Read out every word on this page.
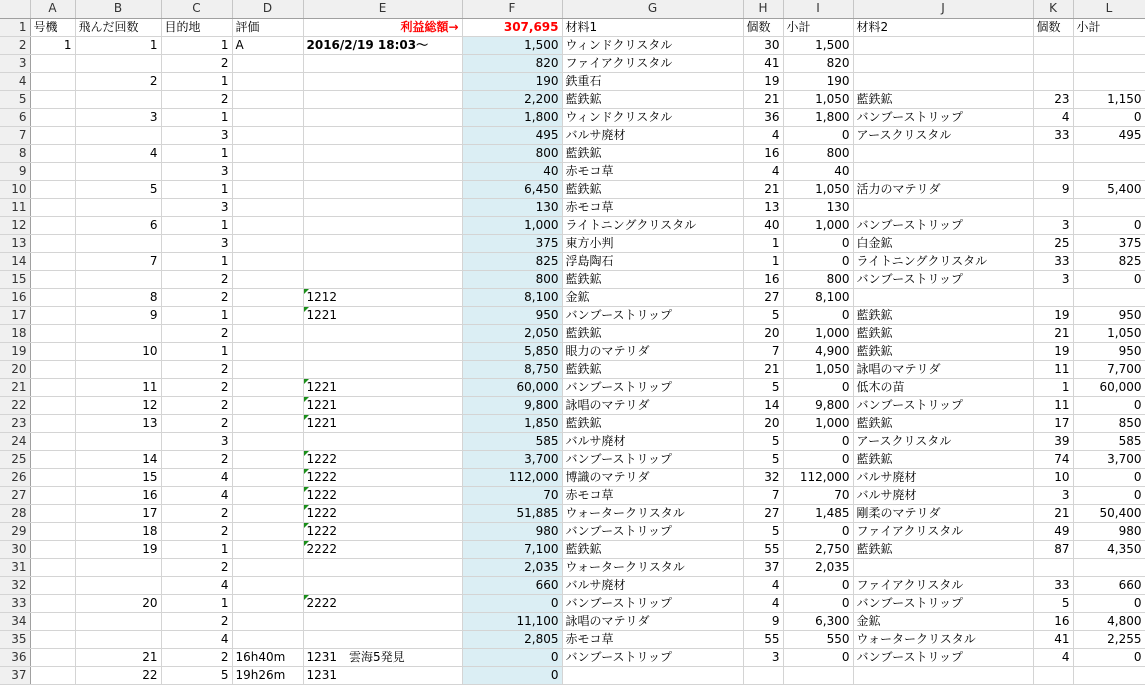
	A	B	C	D	E	F	G	H	I	J	K	L
1	号機	飛んだ回数	目的地	評価	利益総額→	307,695	材料1	個数	小計	材料2	個数	小計
2	1	1	1	A	2016/2/19 18:03～	1,500	ウィンドクリスタル	30	1,500			
3			2			820	ファイアクリスタル	41	820			
4		2	1			190	鉄重石	19	190			
5			2			2,200	藍鉄鉱	21	1,050	藍鉄鉱	23	1,150
6		3	1			1,800	ウィンドクリスタル	36	1,800	バンブーストリップ	4	0
7			3			495	バルサ廃材	4	0	アースクリスタル	33	495
8		4	1			800	藍鉄鉱	16	800			
9			3			40	赤モコ草	4	40			
10		5	1			6,450	藍鉄鉱	21	1,050	活力のマテリダ	9	5,400
11			3			130	赤モコ草	13	130			
12		6	1			1,000	ライトニングクリスタル	40	1,000	バンブーストリップ	3	0
13			3			375	東方小判	1	0	白金鉱	25	375
14		7	1			825	浮島陶石	1	0	ライトニングクリスタル	33	825
15			2			800	藍鉄鉱	16	800	バンブーストリップ	3	0
16		8	2		1212	8,100	金鉱	27	8,100			
17		9	1		1221	950	バンブーストリップ	5	0	藍鉄鉱	19	950
18			2			2,050	藍鉄鉱	20	1,000	藍鉄鉱	21	1,050
19		10	1			5,850	眼力のマテリダ	7	4,900	藍鉄鉱	19	950
20			2			8,750	藍鉄鉱	21	1,050	詠唱のマテリダ	11	7,700
21		11	2		1221	60,000	バンブーストリップ	5	0	低木の苗	1	60,000
22		12	2		1221	9,800	詠唱のマテリダ	14	9,800	バンブーストリップ	11	0
23		13	2		1221	1,850	藍鉄鉱	20	1,000	藍鉄鉱	17	850
24			3			585	バルサ廃材	5	0	アースクリスタル	39	585
25		14	2		1222	3,700	バンブーストリップ	5	0	藍鉄鉱	74	3,700
26		15	4		1222	112,000	博識のマテリダ	32	112,000	バルサ廃材	10	0
27		16	4		1222	70	赤モコ草	7	70	バルサ廃材	3	0
28		17	2		1222	51,885	ウォータークリスタル	27	1,485	剛柔のマテリダ	21	50,400
29		18	2		1222	980	バンブーストリップ	5	0	ファイアクリスタル	49	980
30		19	1		2222	7,100	藍鉄鉱	55	2,750	藍鉄鉱	87	4,350
31			2			2,035	ウォータークリスタル	37	2,035			
32			4			660	バルサ廃材	4	0	ファイアクリスタル	33	660
33		20	1		2222	0	バンブーストリップ	4	0	バンブーストリップ	5	0
34			2			11,100	詠唱のマテリダ	9	6,300	金鉱	16	4,800
35			4			2,805	赤モコ草	55	550	ウォータークリスタル	41	2,255
36		21	2	16h40m	1231　雲海5発見	0	バンブーストリップ	3	0	バンブーストリップ	4	0
37		22	5	19h26m	1231	0						
